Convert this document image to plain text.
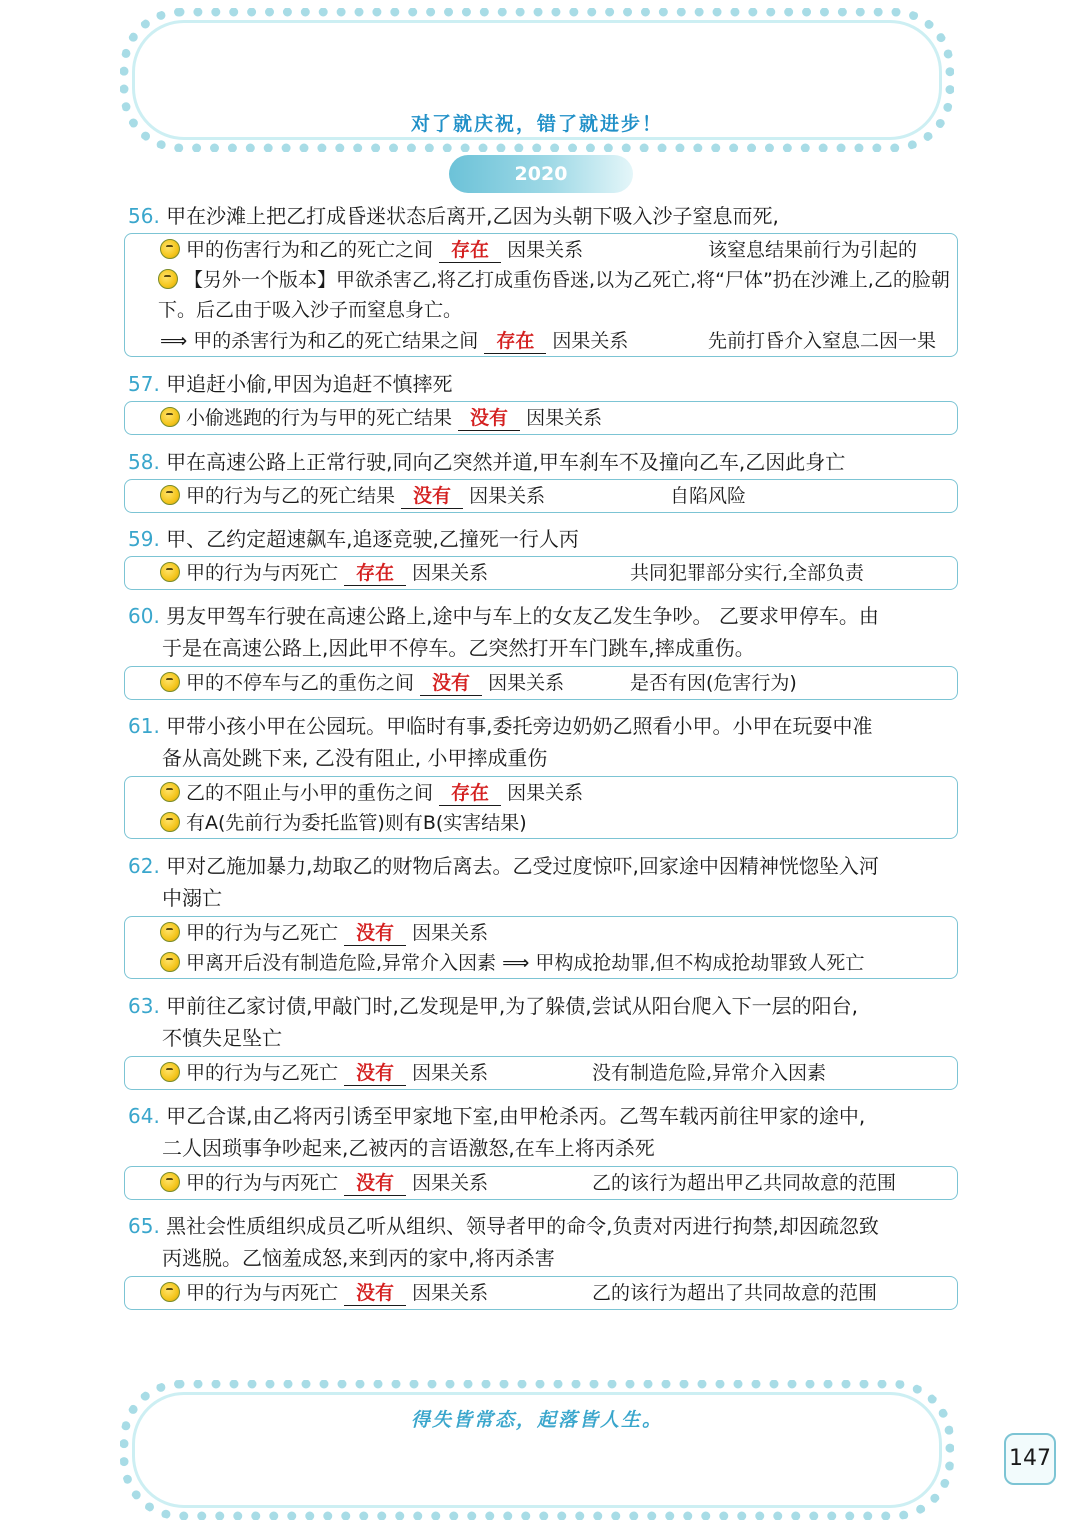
对了就庆祝，错了就进步！
2020
56. 甲在沙滩上把乙打成昏迷状态后离开,乙因为头朝下吸入沙子窒息而死,
甲的伤害行为和乙的死亡之间 存在 因果关系	该窒息结果前行为引起的
【另外一个版本】甲欲杀害乙,将乙打成重伤昏迷,以为乙死亡,将“尸体”扔在沙滩上,乙的脸朝下。后乙由于吸入沙子而窒息身亡。
⟹ 甲的杀害行为和乙的死亡结果之间 存在 因果关系	先前打昏介入窒息二因一果
57. 甲追赶小偷,甲因为追赶不慎摔死
小偷逃跑的行为与甲的死亡结果 没有 因果关系
58. 甲在高速公路上正常行驶,同向乙突然并道,甲车刹车不及撞向乙车,乙因此身亡
甲的行为与乙的死亡结果 没有 因果关系	自陷风险
59. 甲、乙约定超速飙车,追逐竞驶,乙撞死一行人丙
甲的行为与丙死亡 存在 因果关系	共同犯罪部分实行,全部负责
60. 男友甲驾车行驶在高速公路上,途中与车上的女友乙发生争吵。 乙要求甲停车。由
于是在高速公路上,因此甲不停车。乙突然打开车门跳车,摔成重伤。
甲的不停车与乙的重伤之间 没有 因果关系	是否有因(危害行为)
61. 甲带小孩小甲在公园玩。甲临时有事,委托旁边奶奶乙照看小甲。小甲在玩耍中准
备从高处跳下来, 乙没有阻止, 小甲摔成重伤
乙的不阻止与小甲的重伤之间 存在 因果关系
有A(先前行为委托监管)则有B(实害结果)
62. 甲对乙施加暴力,劫取乙的财物后离去。乙受过度惊吓,回家途中因精神恍惚坠入河
中溺亡
甲的行为与乙死亡 没有 因果关系
甲离开后没有制造危险,异常介入因素 ⟹ 甲构成抢劫罪,但不构成抢劫罪致人死亡
63. 甲前往乙家讨债,甲敲门时,乙发现是甲,为了躲债,尝试从阳台爬入下一层的阳台,
不慎失足坠亡
甲的行为与乙死亡 没有 因果关系	没有制造危险,异常介入因素
64. 甲乙合谋,由乙将丙引诱至甲家地下室,由甲枪杀丙。乙驾车载丙前往甲家的途中,
二人因琐事争吵起来,乙被丙的言语激怒,在车上将丙杀死
甲的行为与丙死亡 没有 因果关系	乙的该行为超出甲乙共同故意的范围
65. 黑社会性质组织成员乙听从组织、领导者甲的命令,负责对丙进行拘禁,却因疏忽致
丙逃脱。乙恼羞成怒,来到丙的家中,将丙杀害
甲的行为与丙死亡 没有 因果关系	乙的该行为超出了共同故意的范围
得失皆常态，起落皆人生。
147
